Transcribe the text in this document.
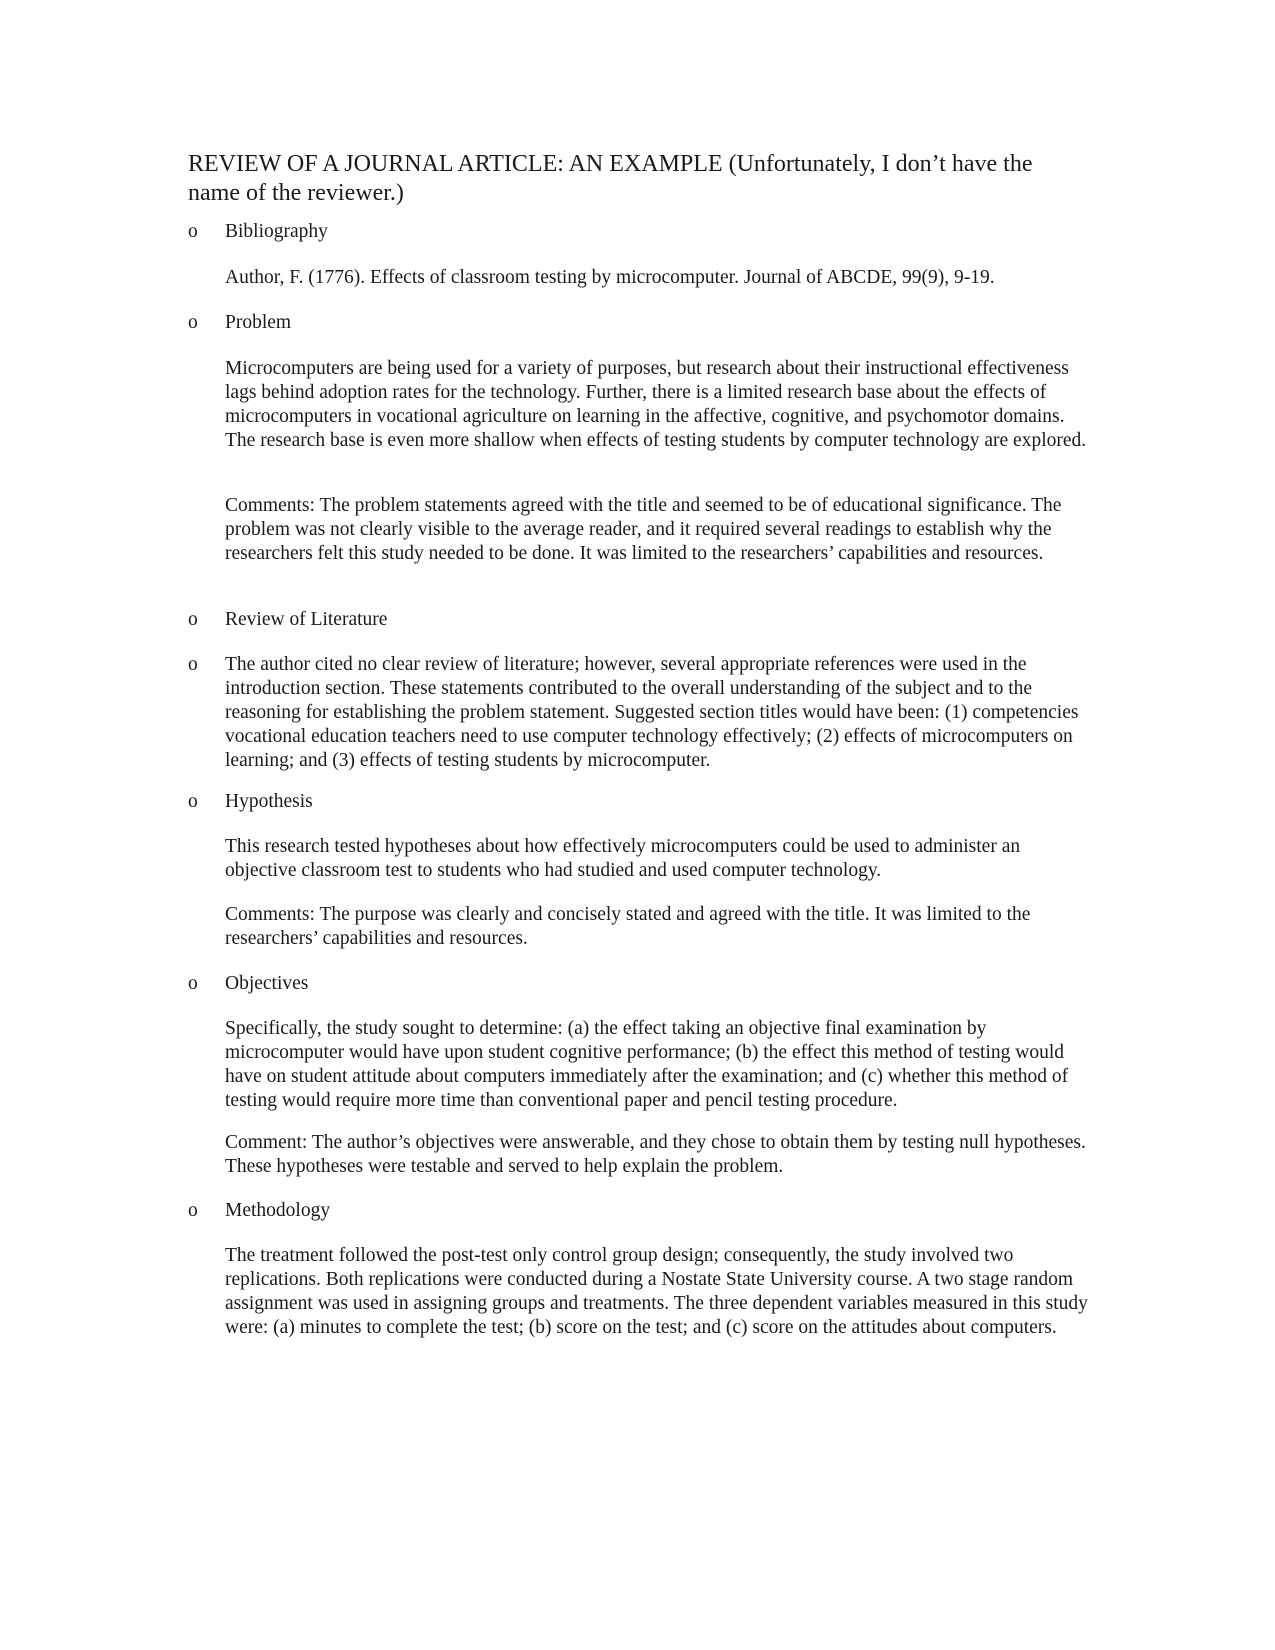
REVIEW OF A JOURNAL ARTICLE: AN EXAMPLE (Unfortunately, I don’t have the name of the reviewer.)
o	Bibliography

Author, F. (1776). Effects of classroom testing by microcomputer. Journal of ABCDE, 99(9), 9-19.

o	Problem

Microcomputers are being used for a variety of purposes, but research about their instructional effectiveness lags behind adoption rates for the technology. Further, there is a limited research base about the effects of microcomputers in vocational agriculture on learning in the affective, cognitive, and psychomotor domains. The research base is even more shallow when effects of testing students by computer technology are explored.

Comments: The problem statements agreed with the title and seemed to be of educational significance. The problem was not clearly visible to the average reader, and it required several readings to establish why the researchers felt this study needed to be done. It was limited to the researchers’ capabilities and resources.

o	Review of Literature
o The author cited no clear review of literature; however, several appropriate references were used in the introduction section. These statements contributed to the overall understanding of the subject and to the reasoning for establishing the problem statement. Suggested section titles would have been: (1) competencies vocational education teachers need to use computer technology effectively; (2) effects of microcomputers on learning; and (3) effects of testing students by microcomputer.

o	Hypothesis

This research tested hypotheses about how effectively microcomputers could be used to administer an objective classroom test to students who had studied and used computer technology.

Comments: The purpose was clearly and concisely stated and agreed with the title. It was limited to the researchers’ capabilities and resources.

o	Objectives

Specifically, the study sought to determine: (a) the effect taking an objective final examination by microcomputer would have upon student cognitive performance; (b) the effect this method of testing would have on student attitude about computers immediately after the examination; and (c) whether this method of testing would require more time than conventional paper and pencil testing procedure.

Comment: The author’s objectives were answerable, and they chose to obtain them by testing null hypotheses. These hypotheses were testable and served to help explain the problem.

o	Methodology

The treatment followed the post-test only control group design; consequently, the study involved two replications. Both replications were conducted during a Nostate State University course. A two stage random assignment was used in assigning groups and treatments. The three dependent variables measured in this study were: (a) minutes to complete the test; (b) score on the test; and (c) score on the attitudes about computers.
